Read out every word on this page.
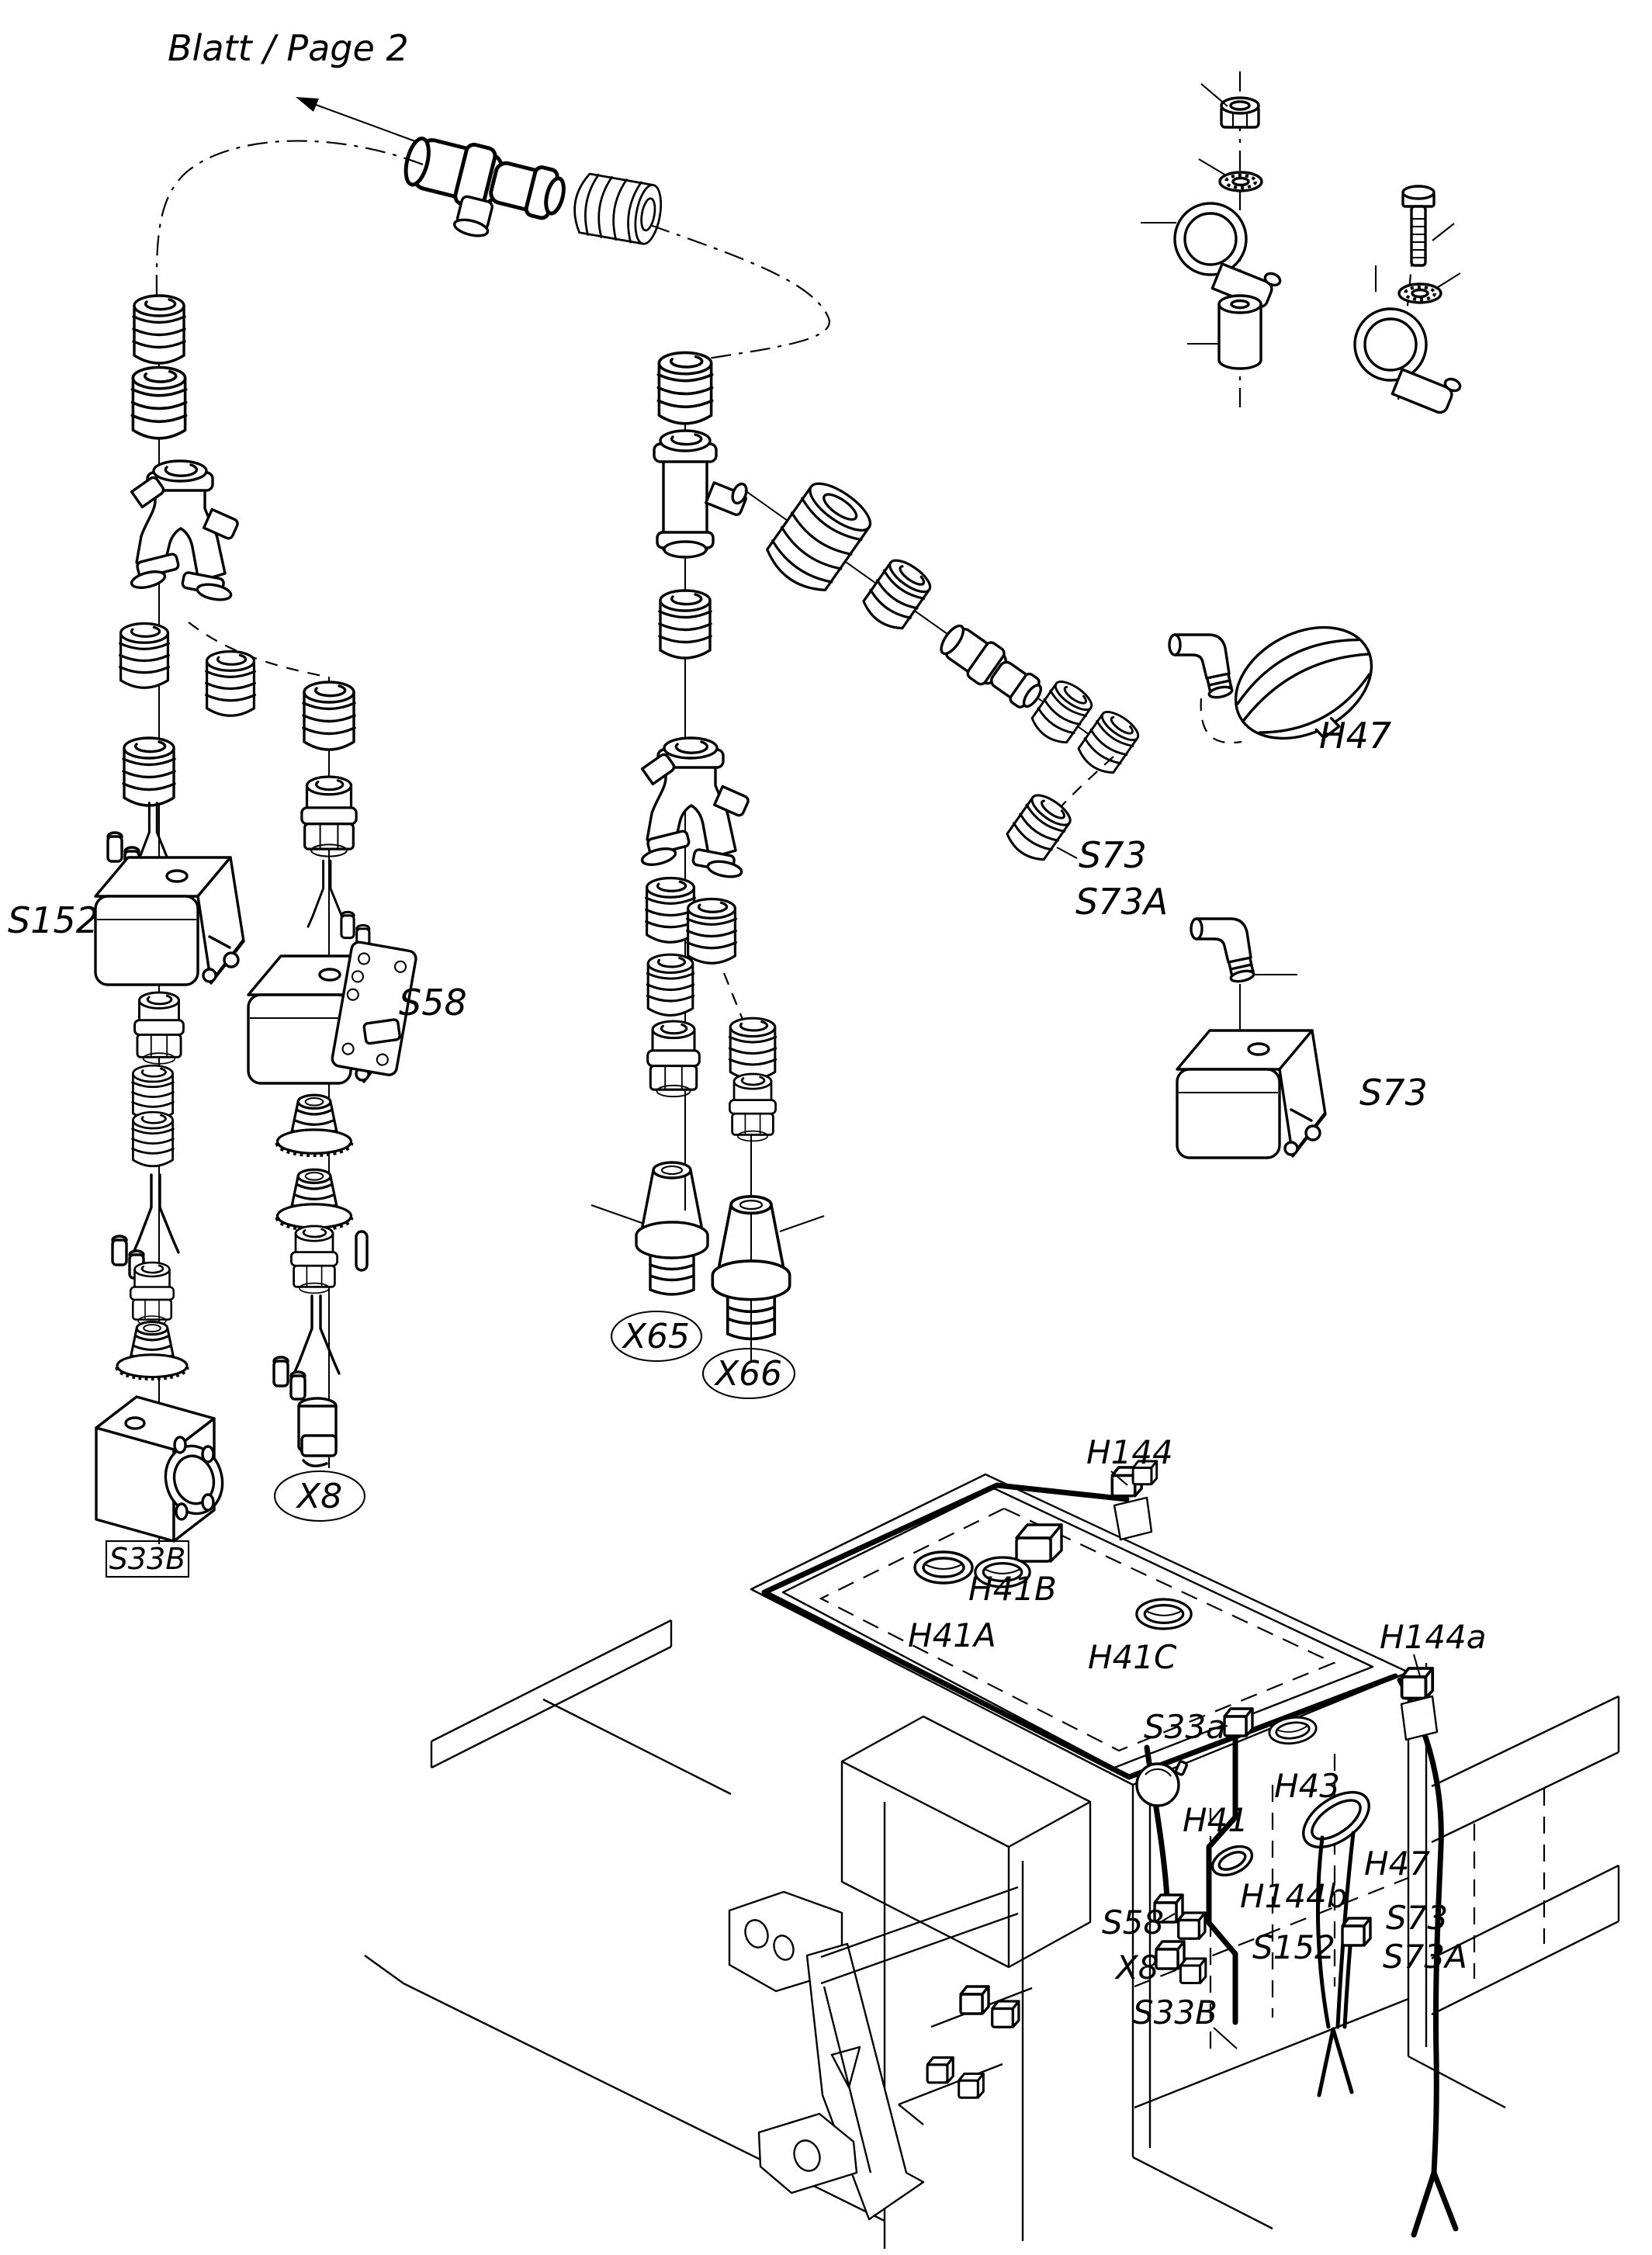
Blatt / Page 2
S152
S58
S33B
X8
X65
X66
H47
S73
S73A
S73
H144
H41B
H41A
H41C
H144a
S33a
H43
H41
H47
H144b
S58
X8
S33B
S152
S73
S73A
